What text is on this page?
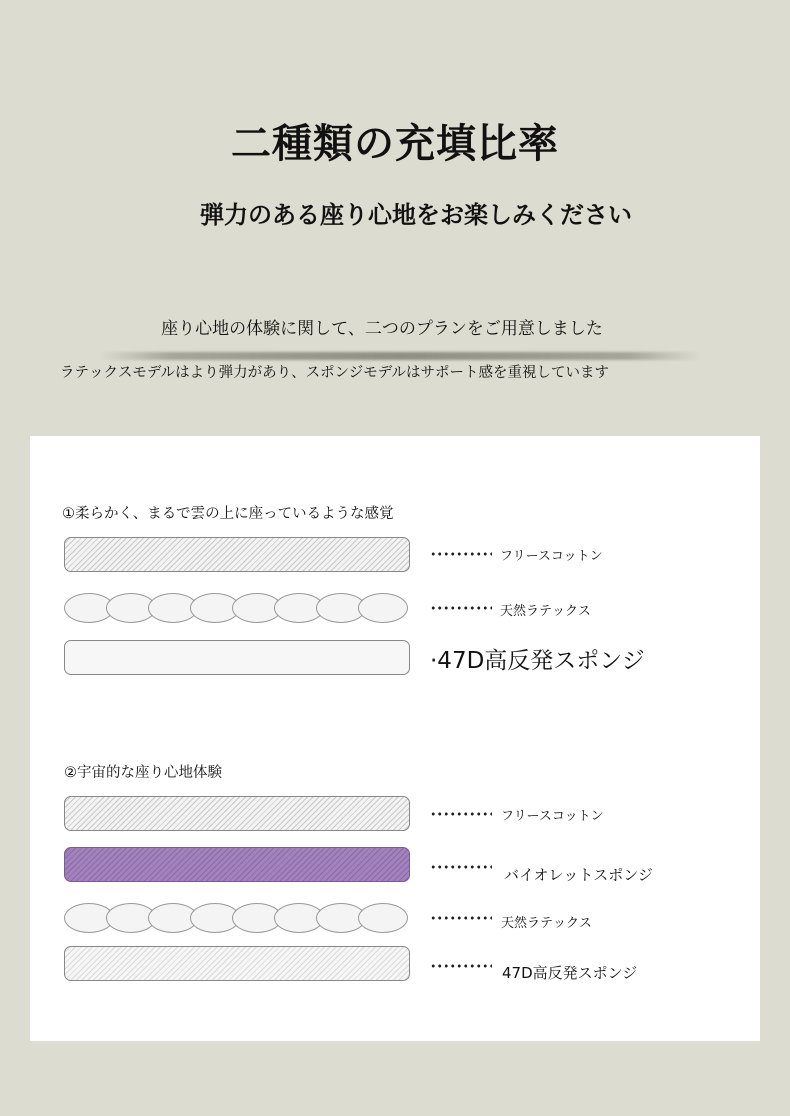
二種類の充填比率
弾力のある座り心地をお楽しみください
座り心地の体験に関して、二つのプランをご用意しました
ラテックスモデルはより弾力があり、スポンジモデルはサポート感を重視しています
①柔らかく、まるで雲の上に座っているような感覚
フリースコットン
天然ラテックス
·47D高反発スポンジ
②宇宙的な座り心地体験
フリースコットン
バイオレットスポンジ
天然ラテックス
47D高反発スポンジ
